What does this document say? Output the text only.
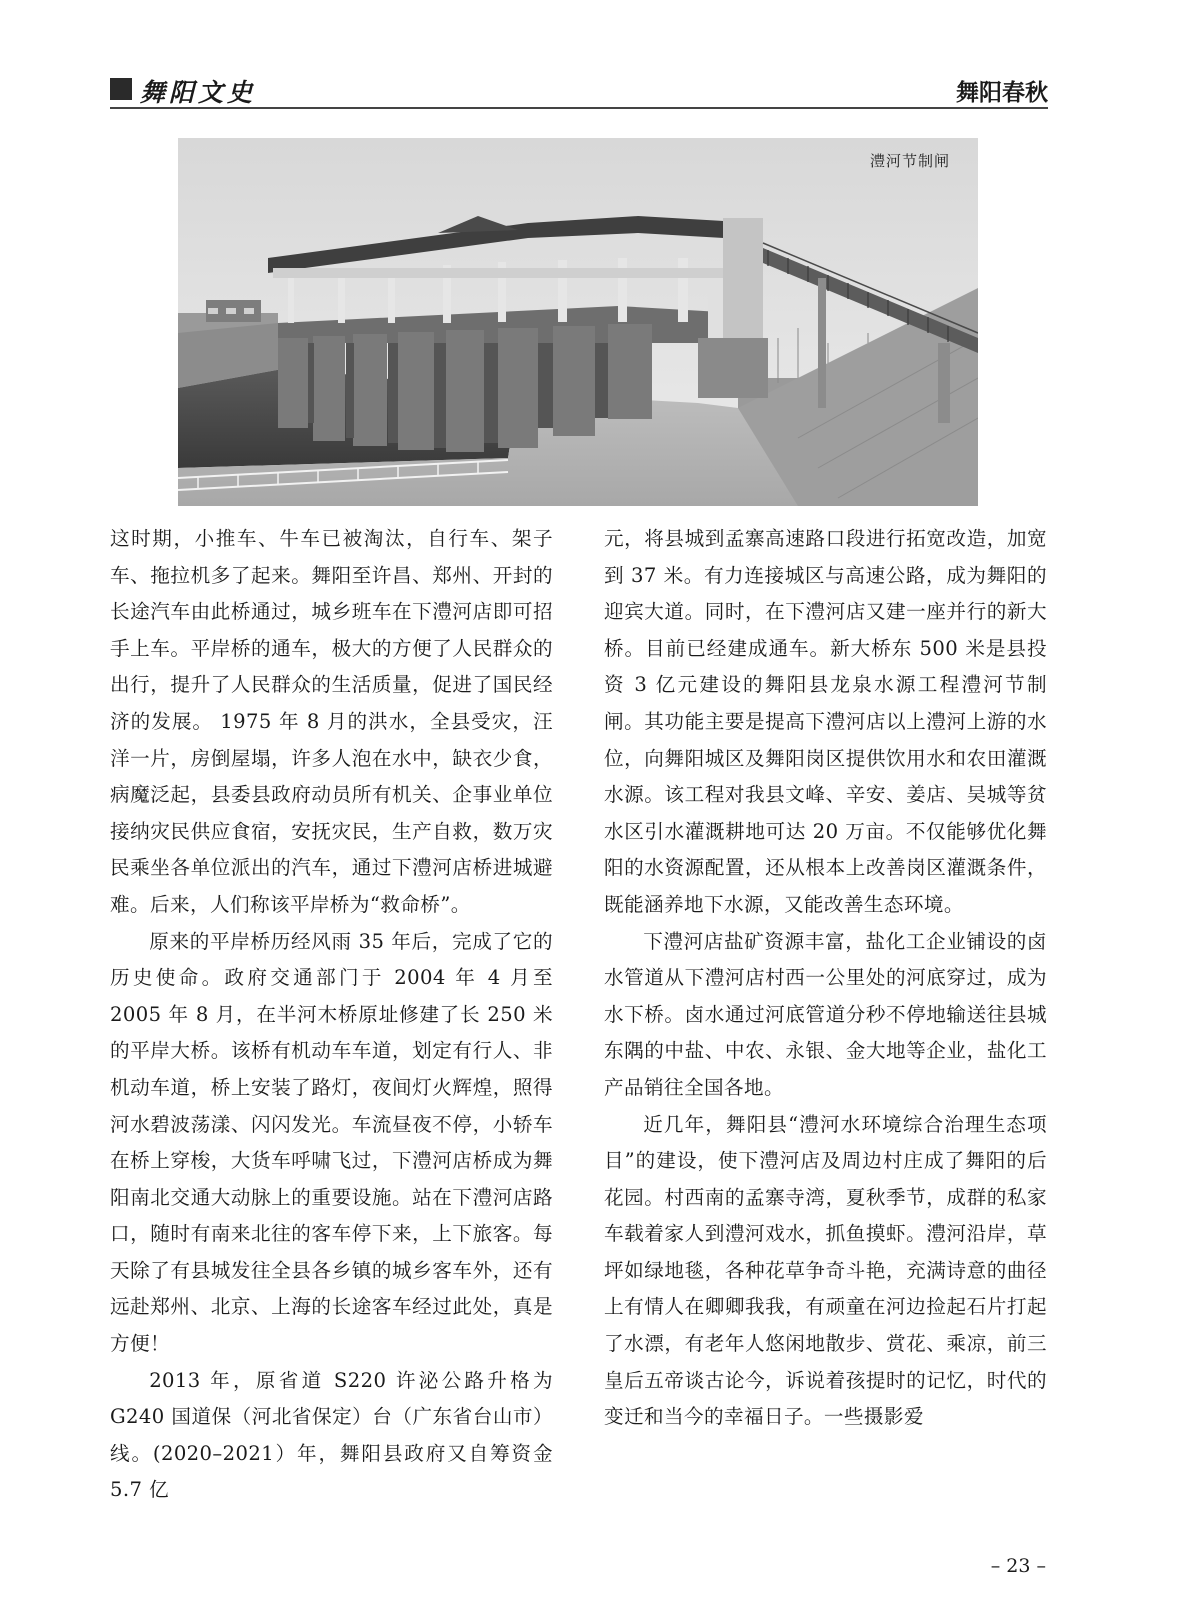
舞阳文史	舞阳春秋
澧河节制闸

这时期，小推车、牛车已被淘汰，自行车、架子车、拖拉机多了起来。舞阳至许昌、郑州、开封的长途汽车由此桥通过，城乡班车在下澧河店即可招手上车。平岸桥的通车，极大的方便了人民群众的出行，提升了人民群众的生活质量，促进了国民经济的发展。 1975 年 8 月的洪水，全县受灾，汪洋一片，房倒屋塌，许多人泡在水中，缺衣少食，病魔泛起，县委县政府动员所有机关、企事业单位接纳灾民供应食宿，安抚灾民，生产自救，数万灾民乘坐各单位派出的汽车，通过下澧河店桥进城避难。后来，人们称该平岸桥为“救命桥”。

原来的平岸桥历经风雨 35 年后，完成了它的历史使命。政府交通部门于 2004 年 4 月至 2005 年 8 月，在半河木桥原址修建了长 250 米的平岸大桥。该桥有机动车车道，划定有行人、非机动车道，桥上安装了路灯，夜间灯火辉煌，照得河水碧波荡漾、闪闪发光。车流昼夜不停，小轿车在桥上穿梭，大货车呼啸飞过，下澧河店桥成为舞阳南北交通大动脉上的重要设施。站在下澧河店路口，随时有南来北往的客车停下来，上下旅客。每天除了有县城发往全县各乡镇的城乡客车外，还有远赴郑州、北京、上海的长途客车经过此处，真是方便！

2013 年，原省道 S220 许泌公路升格为 G240 国道保（河北省保定）台（广东省台山市）线。(2020–2021）年，舞阳县政府又自筹资金 5.7 亿

元，将县城到孟寨高速路口段进行拓宽改造，加宽到 37 米。有力连接城区与高速公路，成为舞阳的迎宾大道。同时，在下澧河店又建一座并行的新大桥。目前已经建成通车。新大桥东 500 米是县投资 3 亿元建设的舞阳县龙泉水源工程澧河节制闸。其功能主要是提高下澧河店以上澧河上游的水位，向舞阳城区及舞阳岗区提供饮用水和农田灌溉水源。该工程对我县文峰、辛安、姜店、吴城等贫水区引水灌溉耕地可达 20 万亩。不仅能够优化舞阳的水资源配置，还从根本上改善岗区灌溉条件，既能涵养地下水源，又能改善生态环境。

下澧河店盐矿资源丰富，盐化工企业铺设的卤水管道从下澧河店村西一公里处的河底穿过，成为水下桥。卤水通过河底管道分秒不停地输送往县城东隅的中盐、中农、永银、金大地等企业，盐化工产品销往全国各地。

近几年，舞阳县“澧河水环境综合治理生态项目”的建设，使下澧河店及周边村庄成了舞阳的后花园。村西南的孟寨寺湾，夏秋季节，成群的私家车载着家人到澧河戏水，抓鱼摸虾。澧河沿岸，草坪如绿地毯，各种花草争奇斗艳，充满诗意的曲径上有情人在卿卿我我，有顽童在河边捡起石片打起了水漂，有老年人悠闲地散步、赏花、乘凉，前三皇后五帝谈古论今，诉说着孩提时的记忆，时代的变迁和当今的幸福日子。一些摄影爱

– 23 –
